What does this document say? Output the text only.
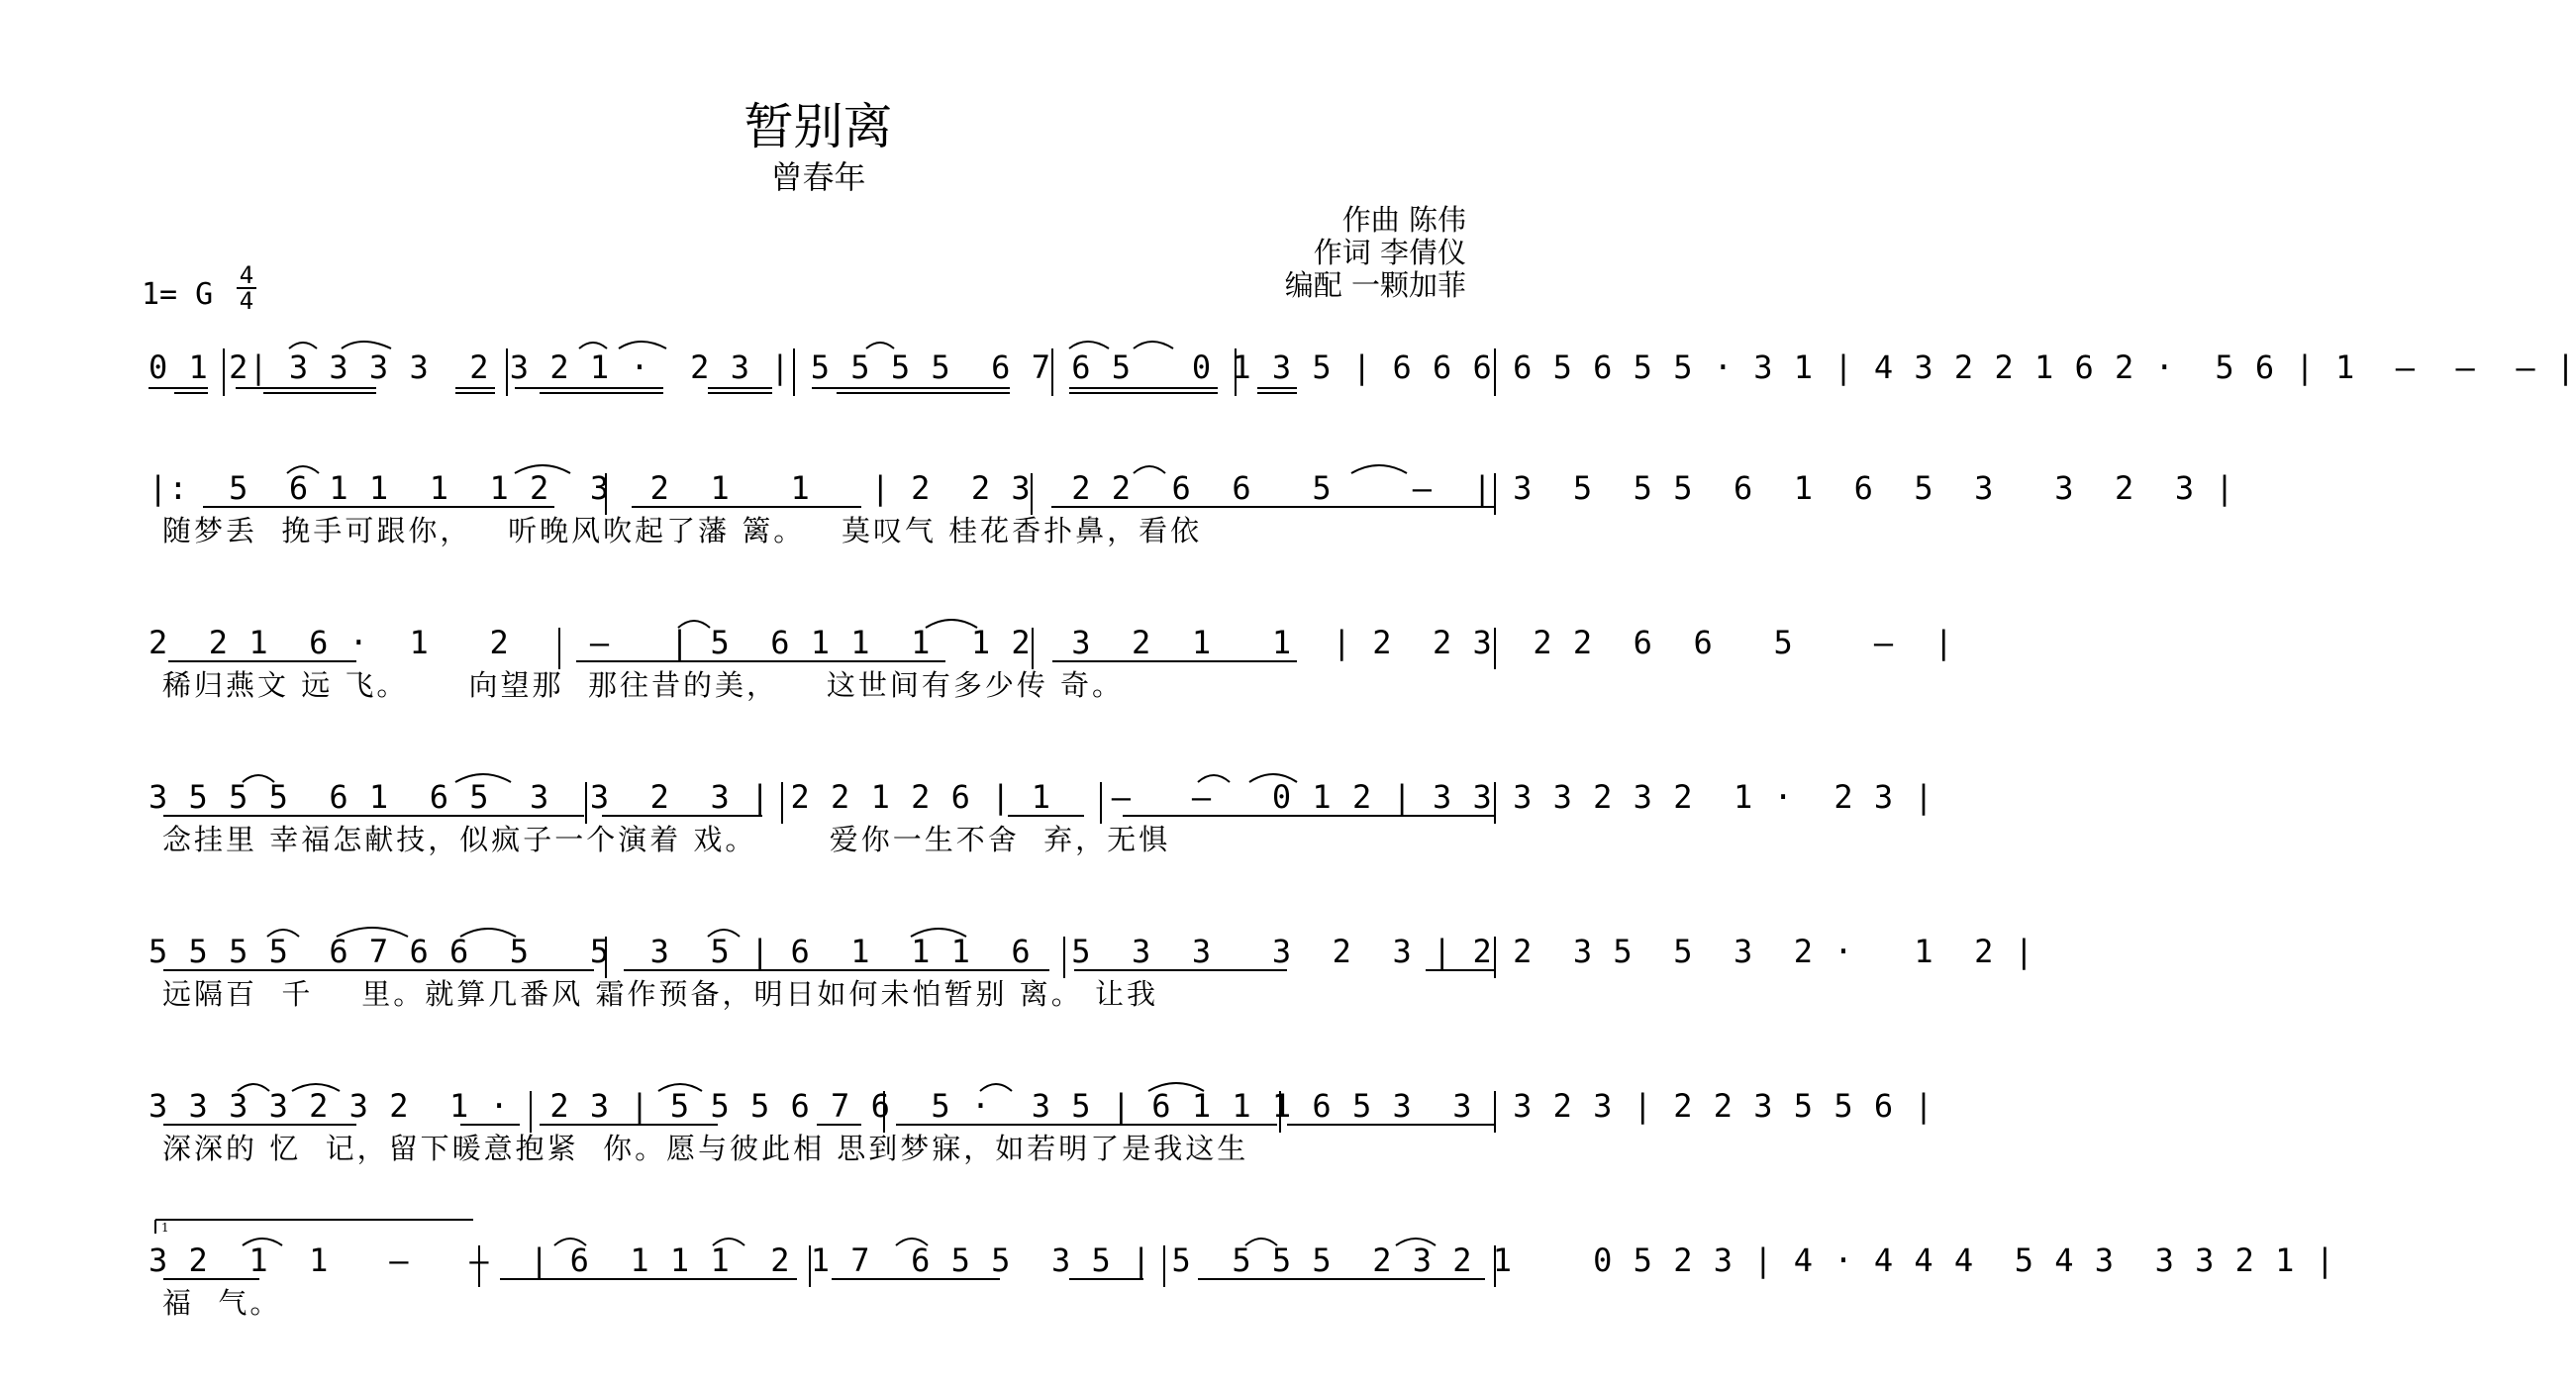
暂别离
曾春年
作曲 陈伟
作词 李倩仪
编配 一颗加菲
1= G
4
4
0 1 2| 3 3 3 3  2 3 2 1 ·  2 3 | 5 5 5 5  6 7 6 5   0 1 3 5 | 6 6 6 6 5 6 5 5 · 3 1 | 4 3 2 2 1 6 2 ·  5 6 | 1  —  —  — |
|:  5  6 1 1  1  1 2  3  2  1   1   | 2  2 3  2 2  6  6   5    —  | 3  5  5 5  6  1  6  5  3   3  2  3 |
随梦丢  挽手可跟你，   听晚风吹起了藩 篱。   莫叹气 桂花香扑鼻，看依
2  2 1  6 ·  1   2    —   | 5  6 1 1  1  1 2  3  2  1   1  | 2  2 3  2 2  6  6   5    —  |
稀归燕文 远 飞。     向望那  那往昔的美，    这世间有多少传 奇。
3 5 5 5  6 1  6 5  3  3  2  3 | 2 2 1 2 6 | 1   —   —   0 1 2 | 3 3 3 3 2 3 2  1 ·  2 3 |
念挂里 幸福怎献技，似疯子一个演着 戏。      爱你一生不舍  弃，无惧
5 5 5 5  6 7 6 6  5   5  3  5 | 6  1  1 1  6  5  3  3   3  2  3 | 2 2  3 5  5  3  2 ·   1  2 |
远隔百  千    里。就算几番风 霜作预备，明日如何未怕暂别 离。 让我
3 3 3 3 2 3 2  1 ·  2 3 | 5 5 5 6 7 6  5 ·  3 5 | 6 1 1 1 6 5 3  3  3 2 3 | 2 2 3 5 5 6 |
深深的 忆  记，留下暖意抱紧  你。愿与彼此相 思到梦寐，如若明了是我这生
3 2  1  1   —   —  | 6  1 1 1  2 1 7  6 5 5  3 5 | 5  5 5 5  2 3 2 1    0 5 2 3 | 4 · 4 4 4  5 4 3  3 3 2 1 |
福  气。
1
